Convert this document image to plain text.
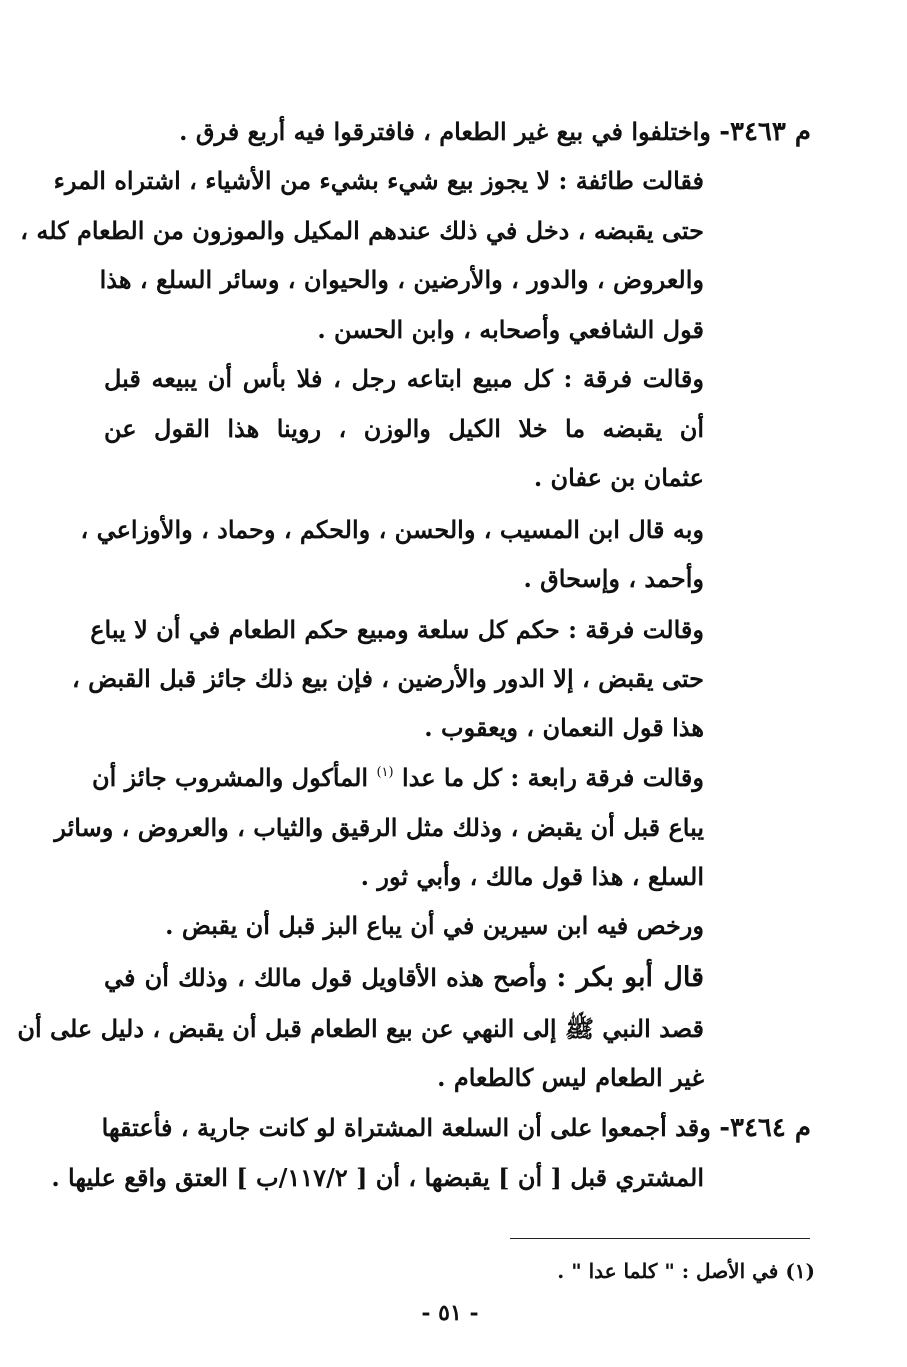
م ٣٤٦٣- واختلفوا في بيع غير الطعام ، فافترقوا فيه أربع فرق .
فقالت طائفة : لا يجوز بيع شيء بشيء من الأشياء ، اشتراه المرء
حتى يقبضه ، دخل في ذلك عندهم المكيل والموزون من الطعام كله ،
والعروض ، والدور ، والأرضين ، والحيوان ، وسائر السلع ، هذا
قول الشافعي وأصحابه ، وابن الحسن .
وقالت فرقة : كل مبيع ابتاعه رجل ، فلا بأس أن يبيعه قبل
أن يقبضه ما خلا الكيل والوزن ، روينا هذا القول عن
عثمان بن عفان .
وبه قال ابن المسيب ، والحسن ، والحكم ، وحماد ، والأوزاعي ،
وأحمد ، وإسحاق .
وقالت فرقة : حكم كل سلعة ومبيع حكم الطعام في أن لا يباع
حتى يقبض ، إلا الدور والأرضين ، فإن بيع ذلك جائز قبل القبض ،
هذا قول النعمان ، ويعقوب .
وقالت فرقة رابعة : كل ما عدا $^{(١)}$ المأكول والمشروب جائز أن
يباع قبل أن يقبض ، وذلك مثل الرقيق والثياب ، والعروض ، وسائر
السلع ، هذا قول مالك ، وأبي ثور .
ورخص فيه ابن سيرين في أن يباع البز قبل أن يقبض .
قال أبو بكر : وأصح هذه الأقاويل قول مالك ، وذلك أن في
قصد النبي ﷺ إلى النهي عن بيع الطعام قبل أن يقبض ، دليل على أن
غير الطعام ليس كالطعام .
م ٣٤٦٤- وقد أجمعوا على أن السلعة المشتراة لو كانت جارية ، فأعتقها
المشتري قبل [ أن ] يقبضها ، أن [ ١١٧/٢/ب ] العتق واقع عليها .
(١) في الأصل : " كلما عدا " .
- ٥١ -
